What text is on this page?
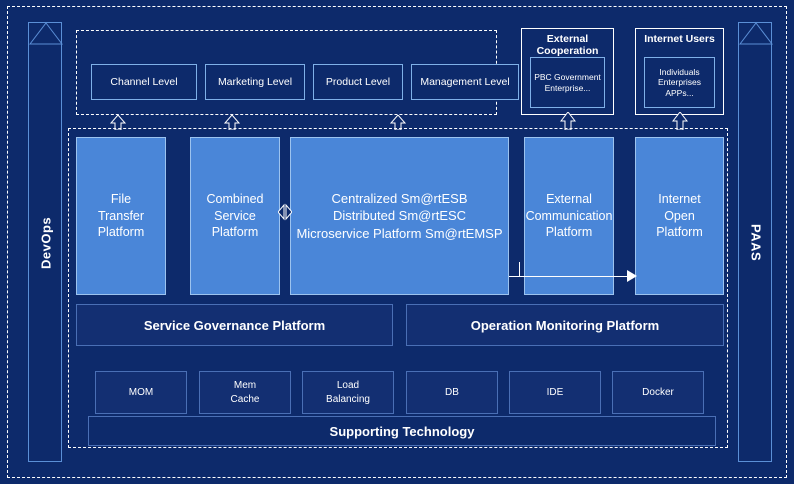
DevOps	PAAS
Channel Level	Marketing Level	Product Level	Management Level
External Cooperation
PBC Government Enterprise...
Internet Users
Individuals Enterprises APPs...
File
Transfer
Platform
Combined
Service
Platform
Centralized Sm@rtESB
Distributed Sm@rtESC
Microservice Platform Sm@rtEMSP
External
Communication
Platform
Internet
Open
Platform
Service Governance Platform	Operation Monitoring Platform
MOM
Mem
Cache
Load
Balancing
DB	IDE	Docker
Supporting Technology
